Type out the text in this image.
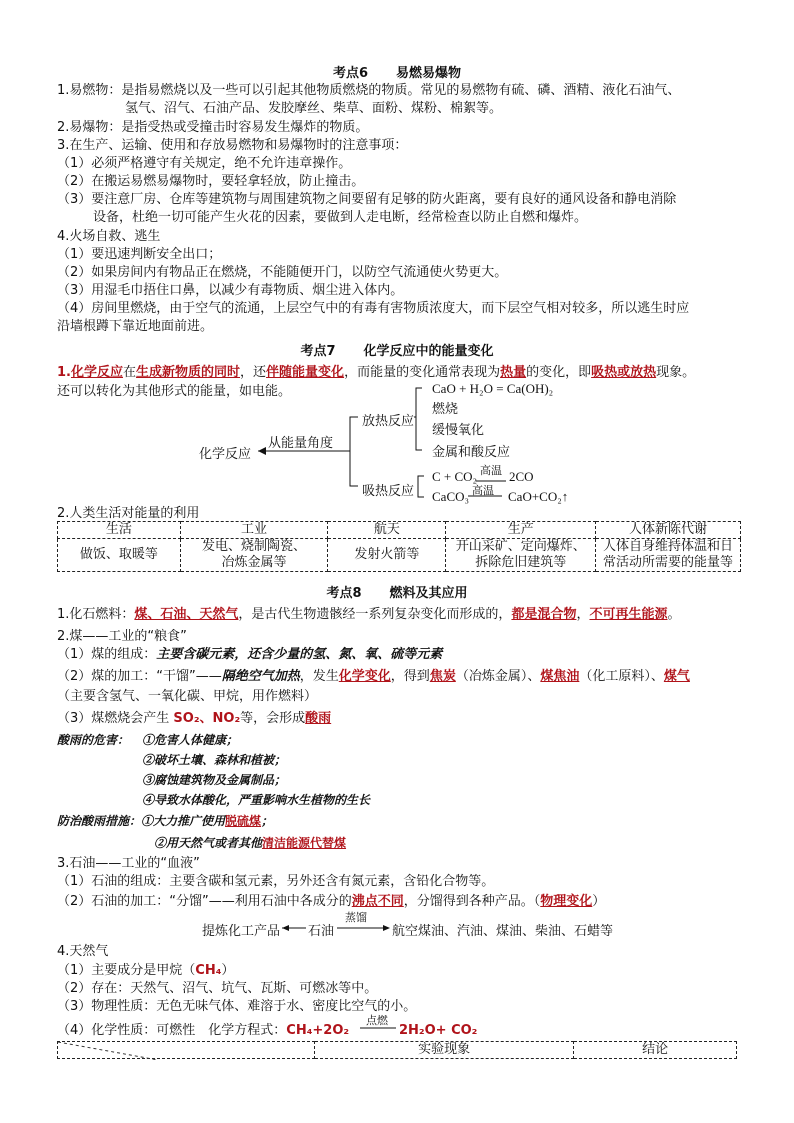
考点6 易燃易爆物
1.易燃物：是指易燃烧以及一些可以引起其他物质燃烧的物质。常见的易燃物有硫、磷、酒精、液化石油气、
氢气、沼气、石油产品、发胶摩丝、柴草、面粉、煤粉、棉絮等。
2.易爆物：是指受热或受撞击时容易发生爆炸的物质。
3.在生产、运输、使用和存放易燃物和易爆物时的注意事项：
（1）必须严格遵守有关规定，绝不允许违章操作。
（2）在搬运易燃易爆物时，要轻拿轻放，防止撞击。
（3）要注意厂房、仓库等建筑物与周围建筑物之间要留有足够的防火距离，要有良好的通风设备和静电消除
设备，杜绝一切可能产生火花的因素，要做到人走电断，经常检查以防止自燃和爆炸。
4.火场自救、逃生
（1）要迅速判断安全出口；
（2）如果房间内有物品正在燃烧，不能随便开门，以防空气流通使火势更大。
（3）用湿毛巾捂住口鼻，以减少有毒物质、烟尘进入体内。
（4）房间里燃烧，由于空气的流通，上层空气中的有毒有害物质浓度大，而下层空气相对较多，所以逃生时应
沿墙根蹲下靠近地面前进。
考点7 化学反应中的能量变化
1.化学反应在生成新物质的同时，还伴随能量变化，而能量的变化通常表现为热量的变化，即吸热或放热现象。
还可以转化为其他形式的能量，如电能。
化学反应
从能量角度
放热反应
CaO + H₂O = Ca(OH)₂
燃烧
缓慢氧化
金属和酸反应
吸热反应
C + CO₂ 高温 2CO
CaCO₃ 高温 CaO+CO₂↑
2.人类生活对能量的利用
生活	工业	航天	生产	人体新陈代谢
做饭、取暖等	发电、烧制陶瓷、
冶炼金属等	发射火箭等	开山采矿、定向爆炸、
拆除危旧建筑等	人体自身维持体温和日
常活动所需要的能量等
考点8 燃料及其应用
1.化石燃料：煤、石油、天然气，是古代生物遗骸经一系列复杂变化而形成的，都是混合物，不可再生能源。
2.煤——工业的“粮食”
（1）煤的组成：主要含碳元素，还含少量的氢、氮、氧、硫等元素
（2）煤的加工：“干馏”——隔绝空气加热，发生化学变化，得到焦炭（冶炼金属）、煤焦油（化工原料）、煤气
（主要含氢气、一氧化碳、甲烷，用作燃料）
（3）煤燃烧会产生 SO₂、NO₂等，会形成酸雨
酸雨的危害： ①危害人体健康；
②破坏土壤、森林和植被；
③腐蚀建筑物及金属制品；
④导致水体酸化，严重影响水生植物的生长
防治酸雨措施：①大力推广使用脱硫煤；
②用天然气或者其他清洁能源代替煤
3.石油——工业的“血液”
（1）石油的组成：主要含碳和氢元素，另外还含有氮元素，含铅化合物等。
（2）石油的加工：“分馏”——利用石油中各成分的沸点不同，分馏得到各种产品。（物理变化）
提炼化工产品 石油
蒸馏
航空煤油、汽油、煤油、柴油、石蜡等
4.天然气
（1）主要成分是甲烷（CH₄）
（2）存在：天然气、沼气、坑气、瓦斯、可燃冰等中。
（3）物理性质：无色无味气体、难溶于水、密度比空气的小。
（4）化学性质：可燃性　化学方程式：CH₄+2O₂
点燃
2H₂O+ CO₂
	实验现象	结论
